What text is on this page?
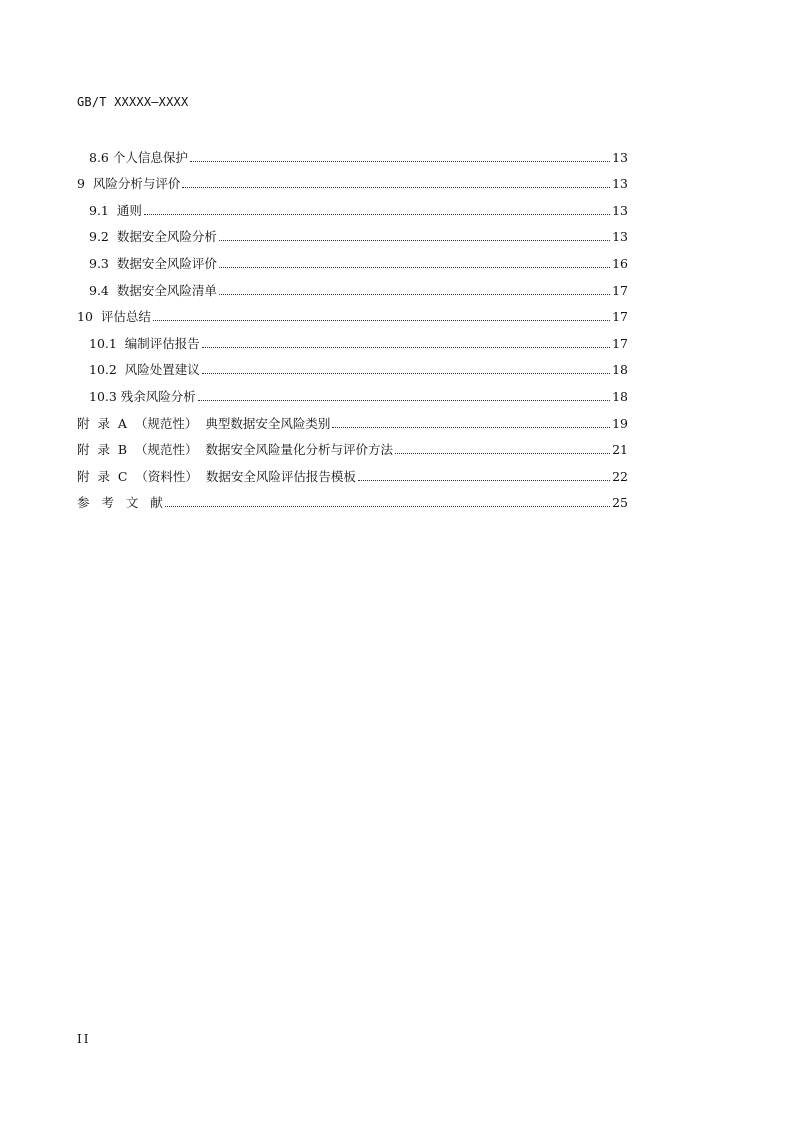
GB/T XXXXX—XXXX
8.6 个人信息保护	13
9  风险分析与评价	13
9.1  通则	13
9.2  数据安全风险分析	13
9.3  数据安全风险评价	16
9.4  数据安全风险清单	17
10  评估总结	17
10.1  编制评估报告	17
10.2  风险处置建议	18
10.3 残余风险分析	18
附  录  A  （规范性）  典型数据安全风险类别	19
附  录  B  （规范性）  数据安全风险量化分析与评价方法	21
附  录  C  （资料性）  数据安全风险评估报告模板	22
参   考   文   献	25
II
